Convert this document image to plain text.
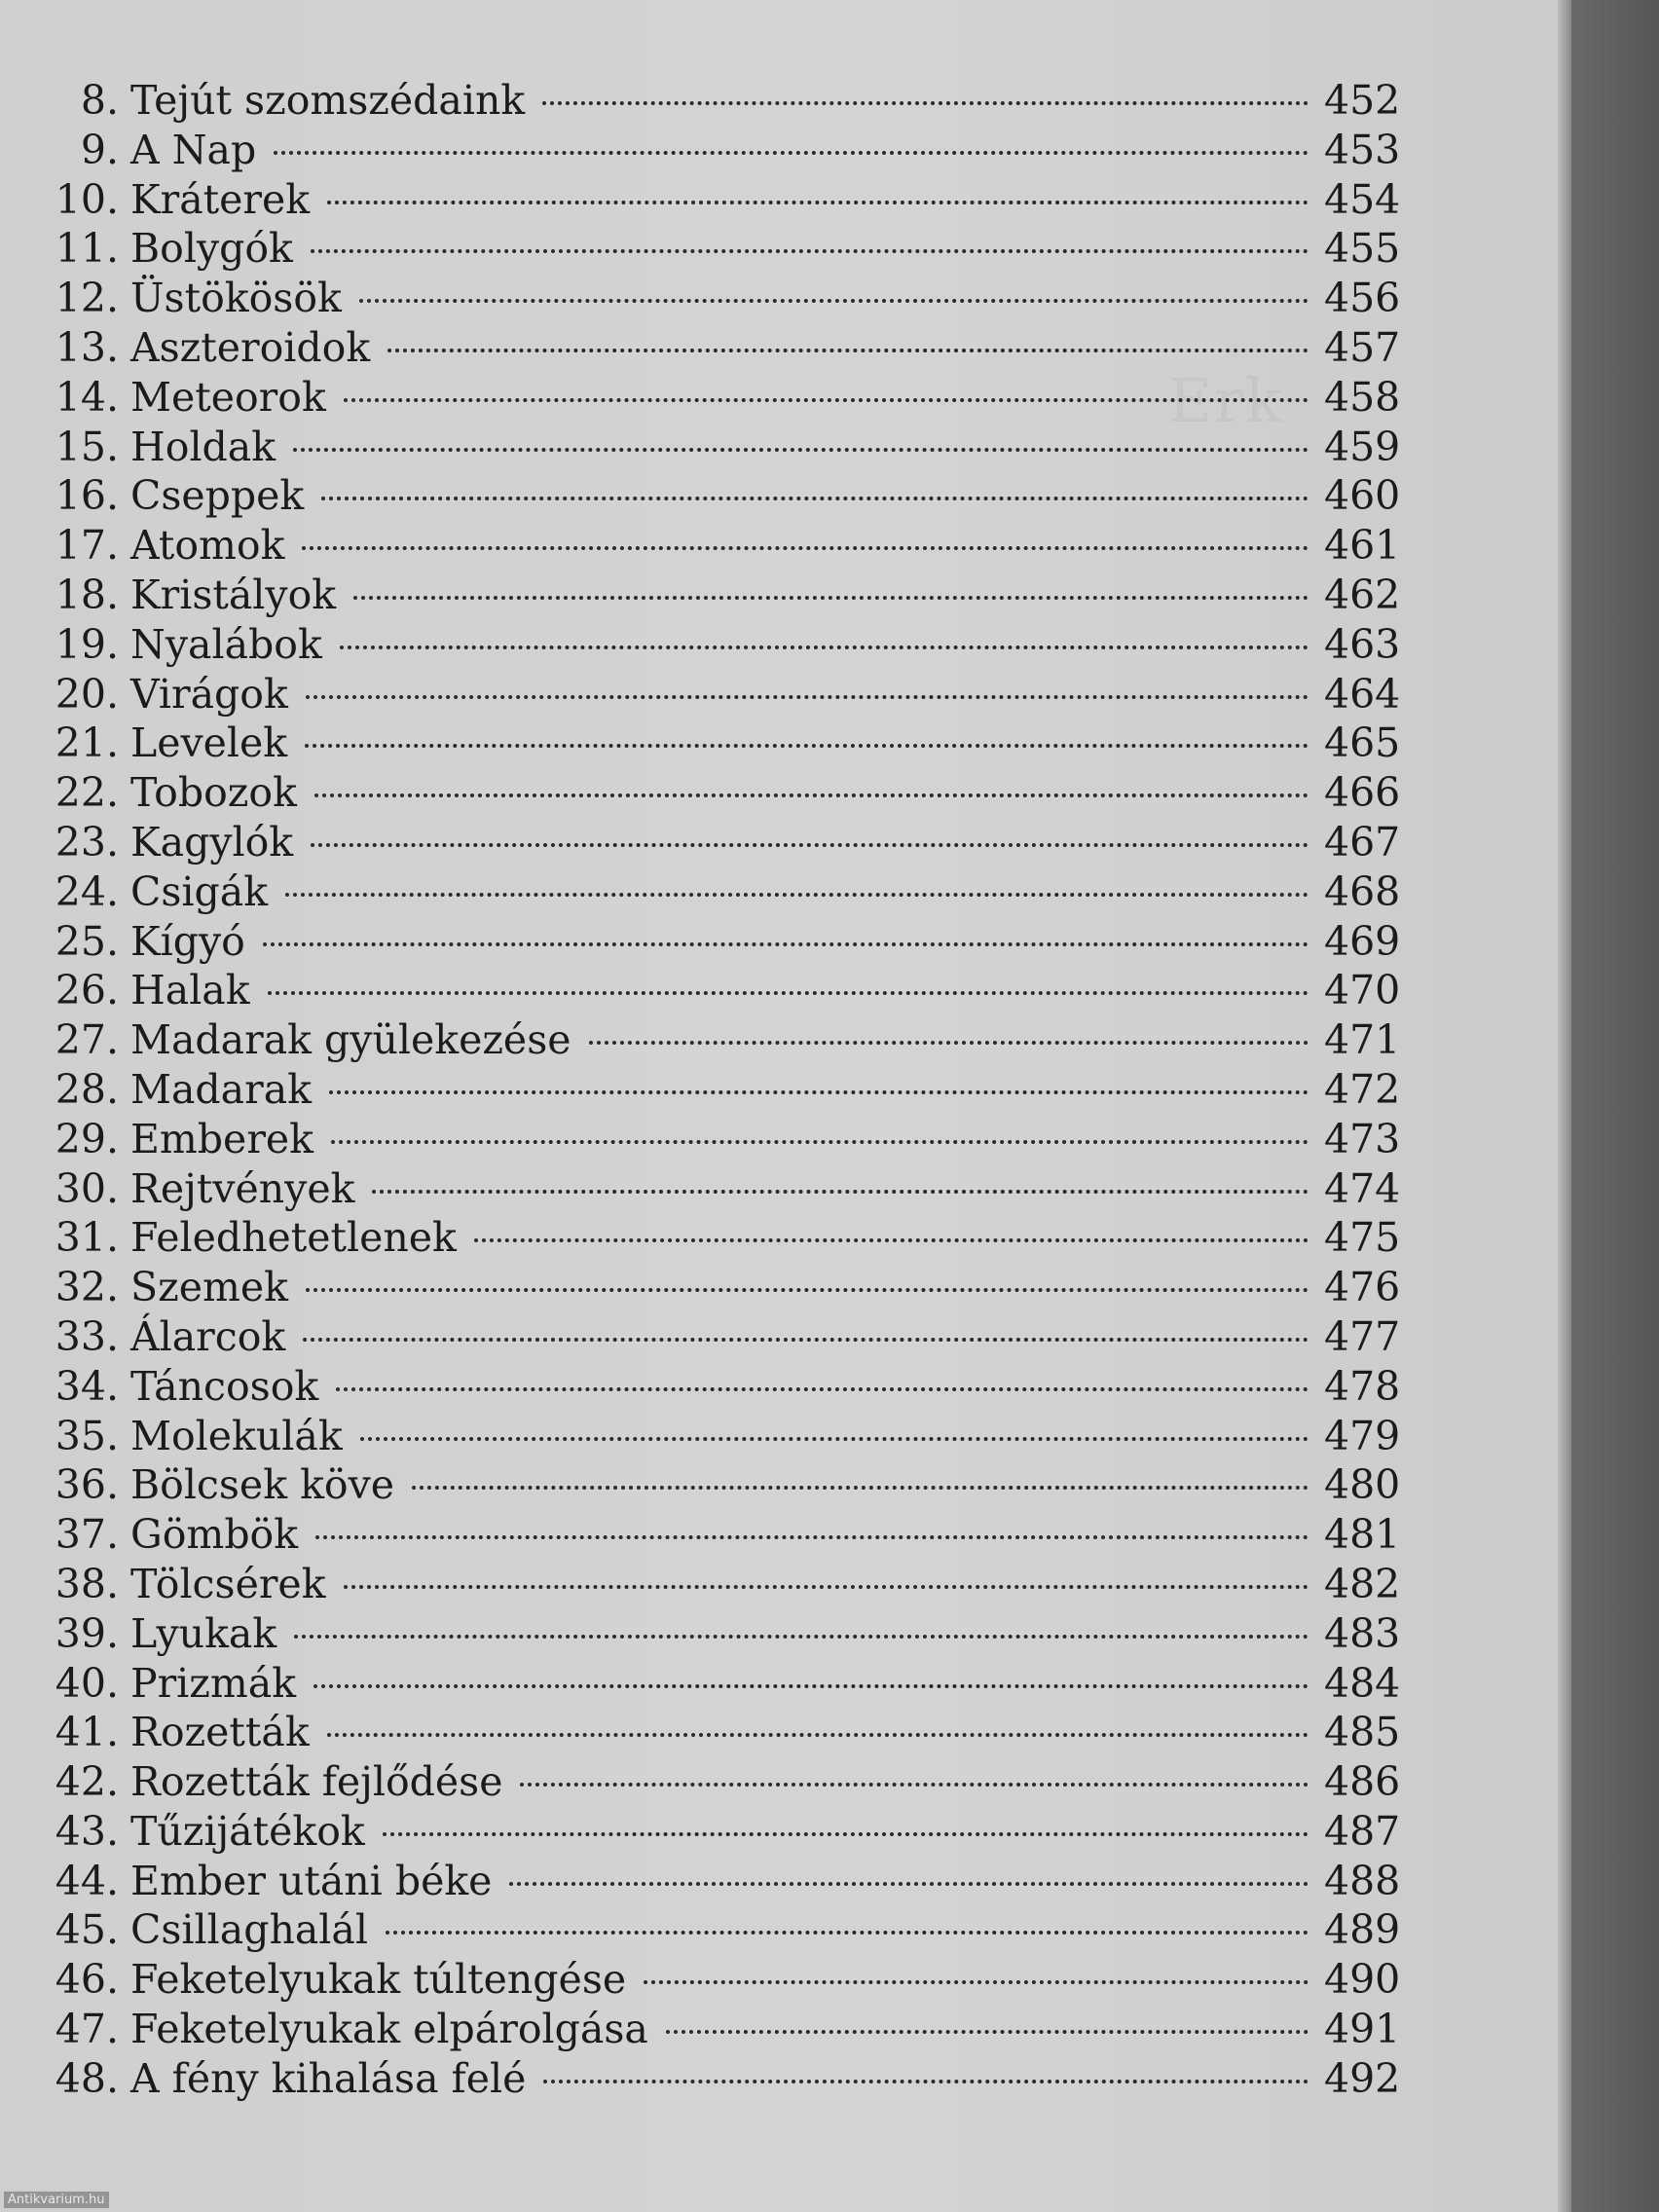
Erk
8. Tejút szomszédaink	452
9. A Nap	453
10. Kráterek	454
11. Bolygók	455
12. Üstökösök	456
13. Aszteroidok	457
14. Meteorok	458
15. Holdak	459
16. Cseppek	460
17. Atomok	461
18. Kristályok	462
19. Nyalábok	463
20. Virágok	464
21. Levelek	465
22. Tobozok	466
23. Kagylók	467
24. Csigák	468
25. Kígyó	469
26. Halak	470
27. Madarak gyülekezése	471
28. Madarak	472
29. Emberek	473
30. Rejtvények	474
31. Feledhetetlenek	475
32. Szemek	476
33. Álarcok	477
34. Táncosok	478
35. Molekulák	479
36. Bölcsek köve	480
37. Gömbök	481
38. Tölcsérek	482
39. Lyukak	483
40. Prizmák	484
41. Rozetták	485
42. Rozetták fejlődése	486
43. Tűzijátékok	487
44. Ember utáni béke	488
45. Csillaghalál	489
46. Feketelyukak túltengése	490
47. Feketelyukak elpárolgása	491
48. A fény kihalása felé	492
Antikvarium.hu
